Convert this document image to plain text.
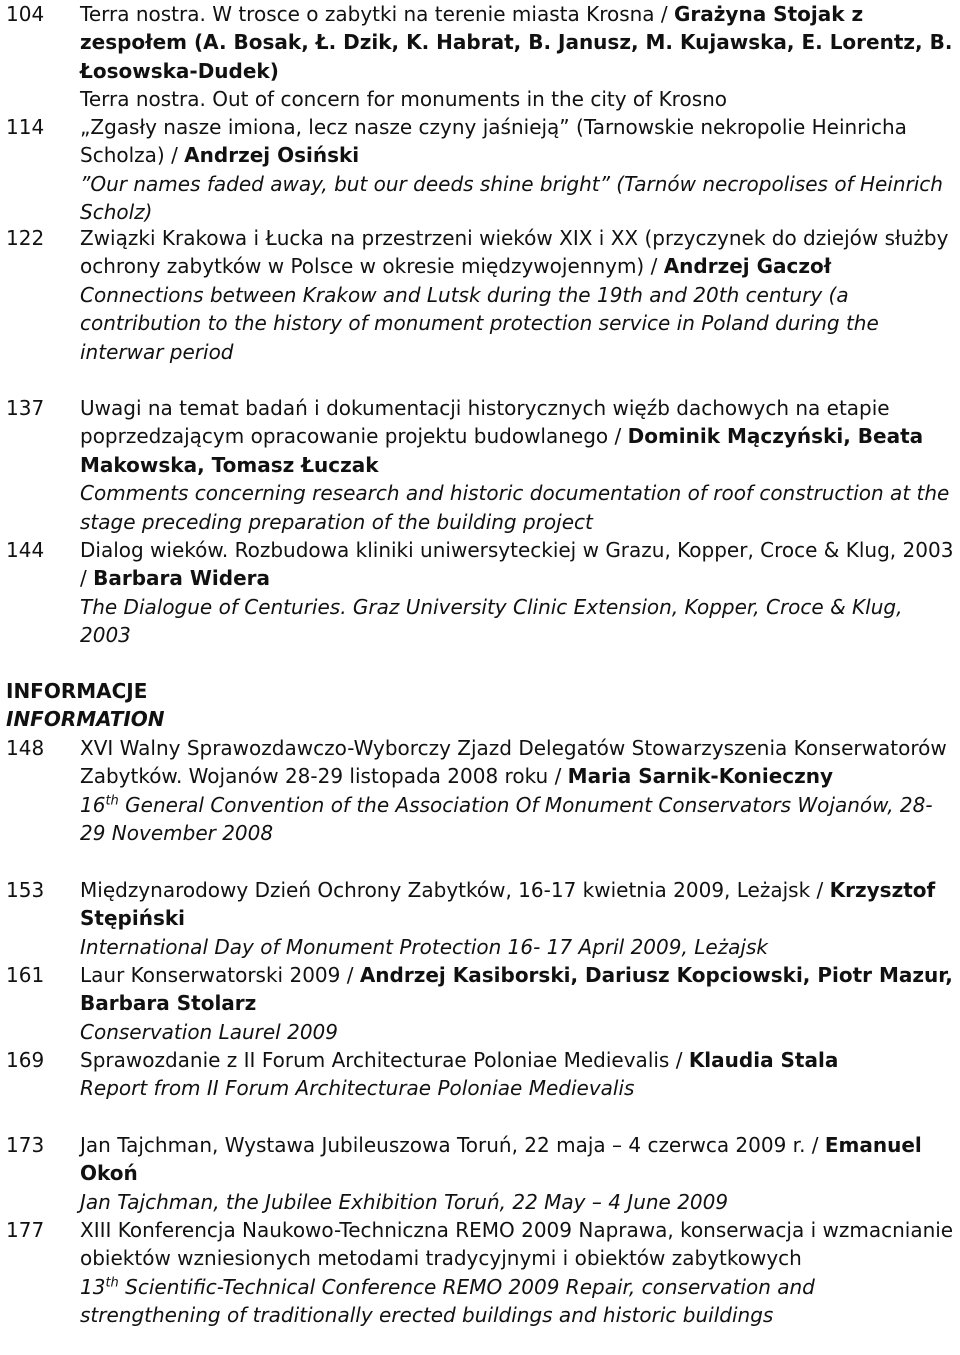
104 Terra nostra. W trosce o zabytki na terenie miasta Krosna / Grażyna Stojak z zespołem (A. Bosak, Ł. Dzik, K. Habrat, B. Janusz, M. Kujawska, E. Lorentz, B. Łosowska-Dudek)
Terra nostra. Out of concern for monuments in the city of Krosno
114 „Zgasły nasze imiona, lecz nasze czyny jaśnieją” (Tarnowskie nekropolie Heinricha Scholza) / Andrzej Osiński
”Our names faded away, but our deeds shine bright” (Tarnów necropolises of Heinrich Scholz)
122 Związki Krakowa i Łucka na przestrzeni wieków XIX i XX (przyczynek do dziejów służby ochrony zabytków w Polsce w okresie międzywojennym) / Andrzej Gaczoł
Connections between Krakow and Lutsk during the 19th and 20th century (a contribution to the history of monument protection service in Poland during the interwar period
137 Uwagi na temat badań i dokumentacji historycznych więźb dachowych na etapie poprzedzającym opracowanie projektu budowlanego / Dominik Mączyński, Beata Makowska, Tomasz Łuczak
Comments concerning research and historic documentation of roof construction at the stage preceding preparation of the building project
144 Dialog wieków. Rozbudowa kliniki uniwersyteckiej w Grazu, Kopper, Croce & Klug, 2003 / Barbara Widera
The Dialogue of Centuries. Graz University Clinic Extension, Kopper, Croce & Klug, 2003
INFORMACJE
INFORMATION
148 XVI Walny Sprawozdawczo-Wyborczy Zjazd Delegatów Stowarzyszenia Konserwatorów Zabytków. Wojanów 28-29 listopada 2008 roku / Maria Sarnik-Konieczny
16th General Convention of the Association Of Monument Conservators Wojanów, 28-29 November 2008
153 Międzynarodowy Dzień Ochrony Zabytków, 16-17 kwietnia 2009, Leżajsk / Krzysztof Stępiński
International Day of Monument Protection 16- 17 April 2009, Leżajsk
161 Laur Konserwatorski 2009 / Andrzej Kasiborski, Dariusz Kopciowski, Piotr Mazur, Barbara Stolarz
Conservation Laurel 2009
169 Sprawozdanie z II Forum Architecturae Poloniae Medievalis / Klaudia Stala
Report from II Forum Architecturae Poloniae Medievalis
173 Jan Tajchman, Wystawa Jubileuszowa Toruń, 22 maja – 4 czerwca 2009 r. / Emanuel Okoń
Jan Tajchman, the Jubilee Exhibition Toruń, 22 May – 4 June 2009
177 XIII Konferencja Naukowo-Techniczna REMO 2009 Naprawa, konserwacja i wzmacnianie obiektów wzniesionych metodami tradycyjnymi i obiektów zabytkowych
13th Scientific-Technical Conference REMO 2009 Repair, conservation and strengthening of traditionally erected buildings and historic buildings
